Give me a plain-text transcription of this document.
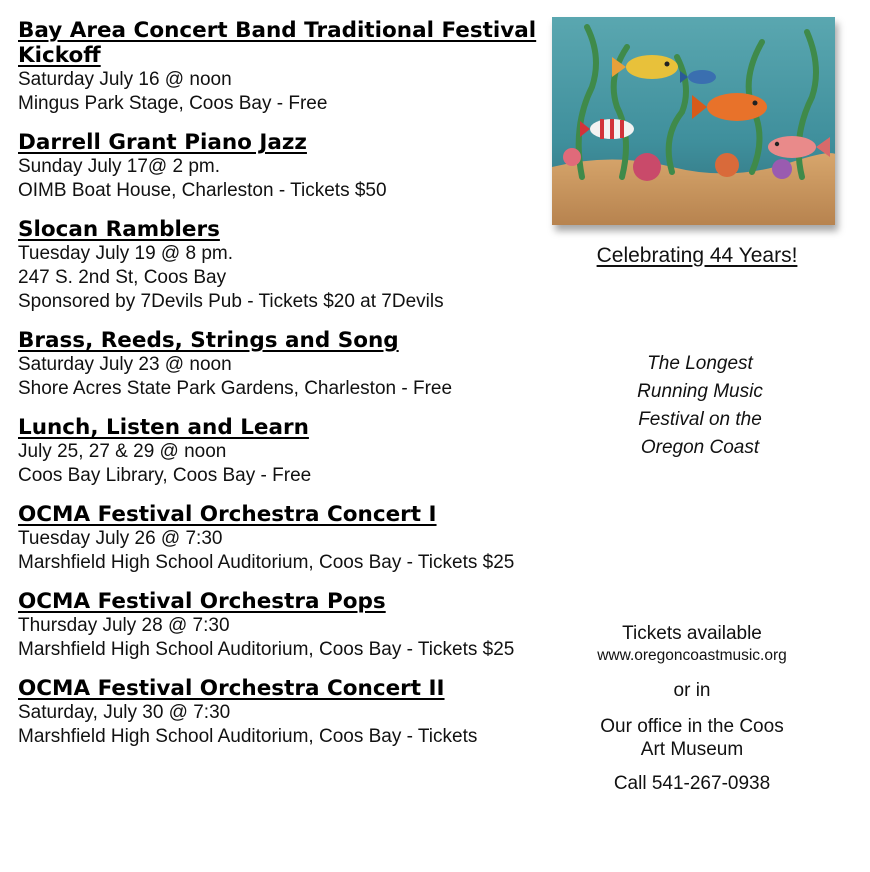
Bay Area Concert Band Traditional Festival Kickoff

Saturday July 16 @ noon

Mingus Park Stage, Coos Bay - Free

Darrell Grant Piano Jazz

Sunday July 17@ 2 pm.

OIMB Boat House, Charleston - Tickets $50

Slocan Ramblers

Tuesday July 19 @ 8 pm.

247 S. 2nd St, Coos Bay

Sponsored by 7Devils Pub - Tickets $20 at 7Devils

Brass, Reeds, Strings and Song

Saturday July 23 @ noon

Shore Acres State Park Gardens, Charleston - Free

Lunch, Listen and Learn

July 25, 27 & 29 @ noon

Coos Bay Library, Coos Bay - Free

OCMA Festival Orchestra Concert I

Tuesday July 26 @ 7:30

Marshfield High School Auditorium, Coos Bay - Tickets $25

OCMA Festival Orchestra Pops

Thursday July 28 @ 7:30

Marshfield High School Auditorium, Coos Bay - Tickets $25

OCMA Festival Orchestra Concert II

Saturday, July 30 @ 7:30

Marshfield High School Auditorium, Coos Bay - Tickets

Celebrating 44 Years!
The Longest
Running Music
Festival on the
Oregon Coast

Tickets available

www.oregoncoastmusic.org

or in

Our office in the Coos
Art Museum

Call 541-267-0938
